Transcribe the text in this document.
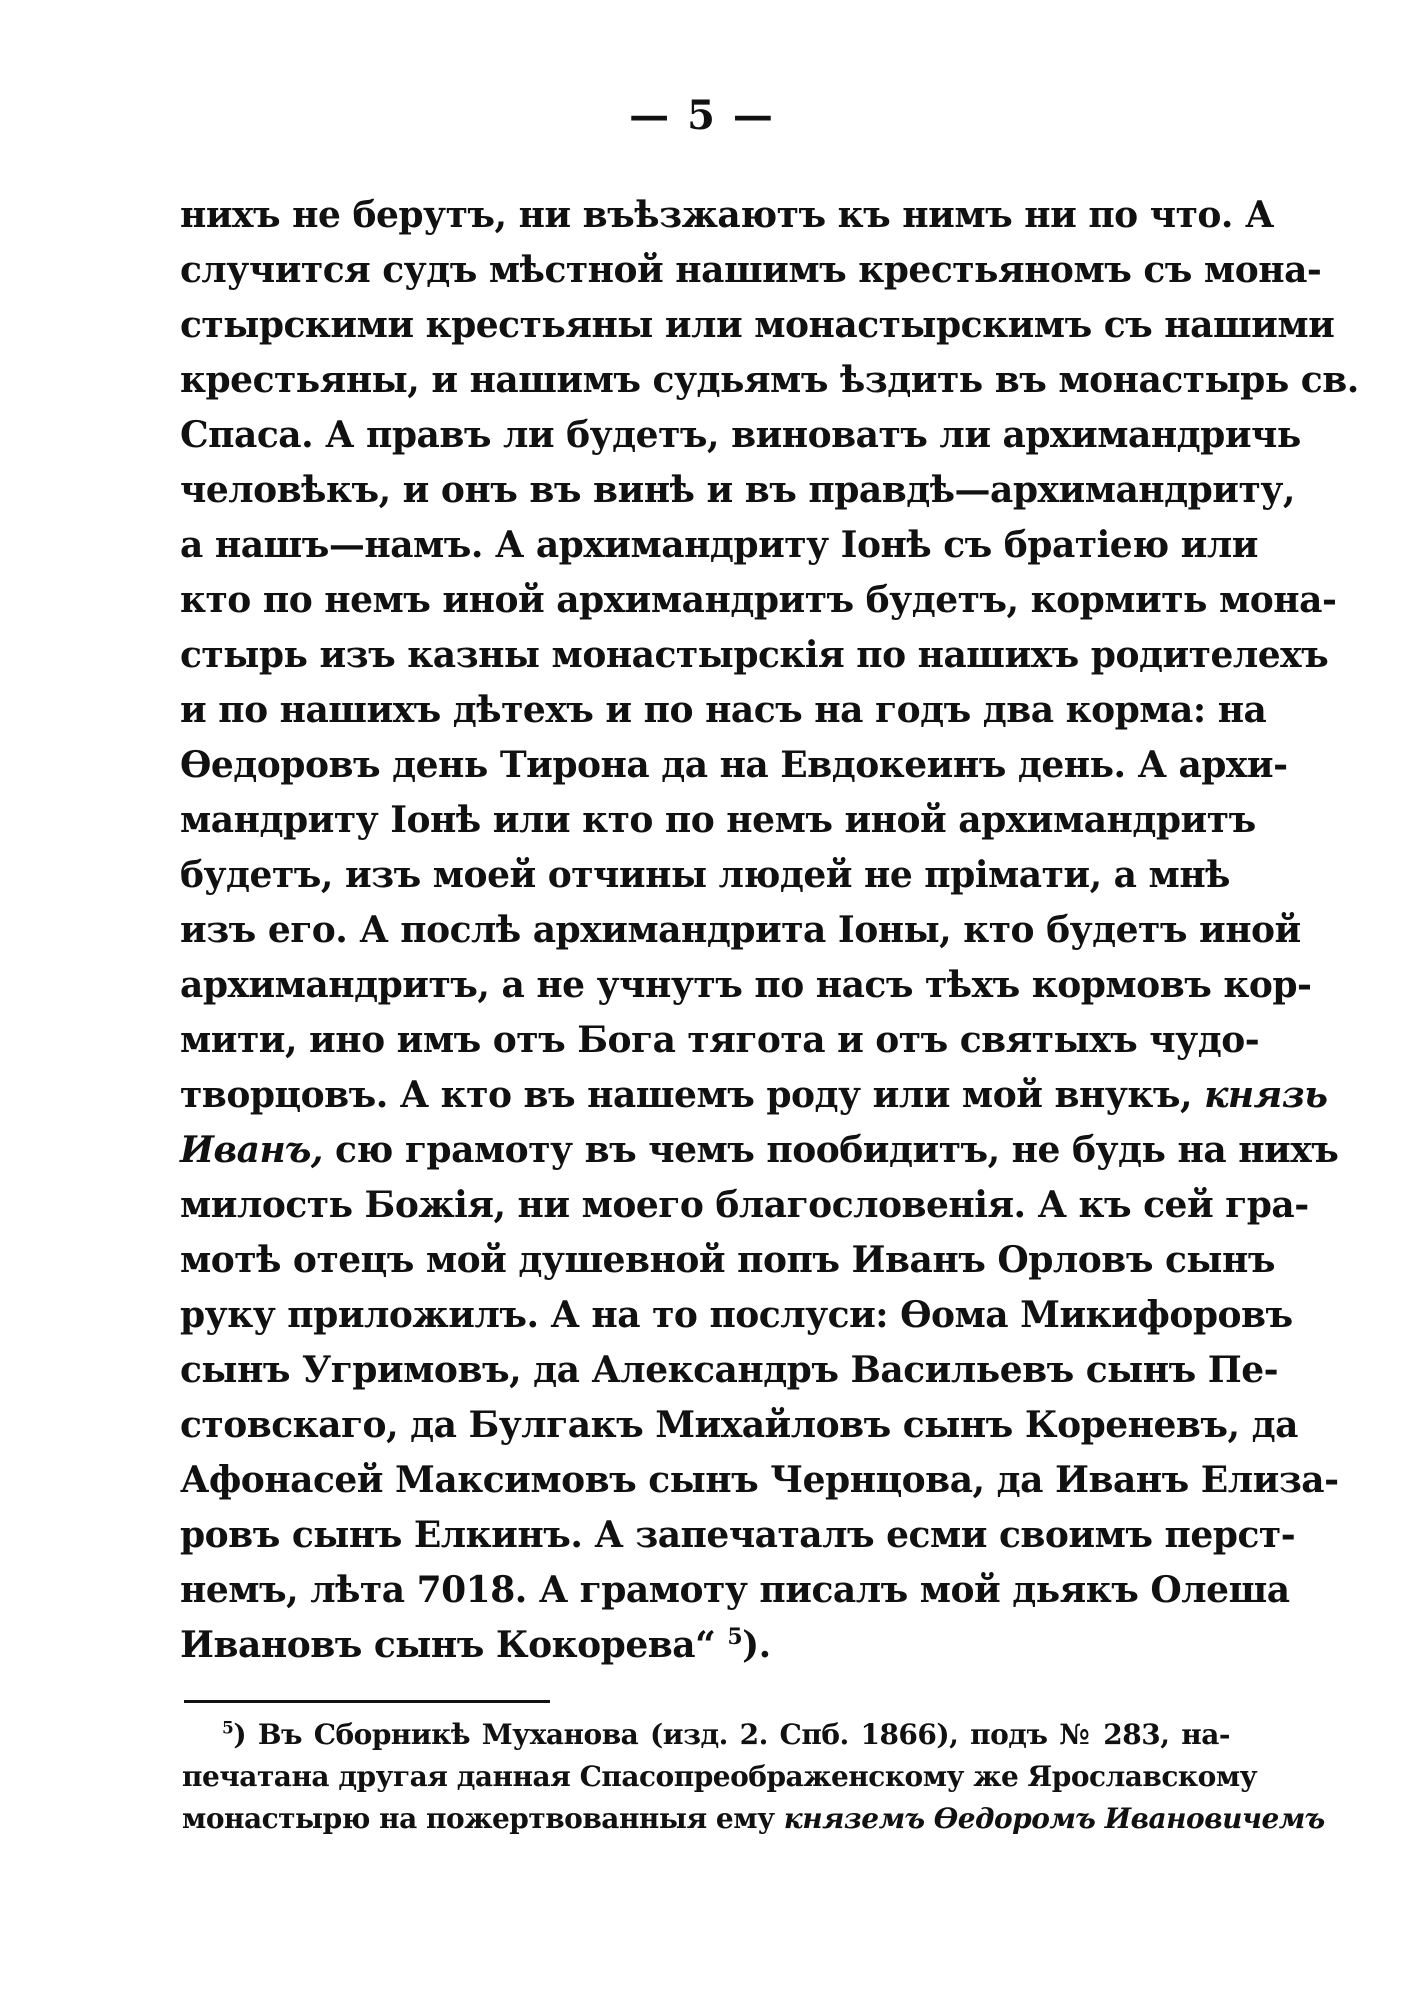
— 5 —
нихъ не берутъ, ни въѣзжаютъ къ нимъ ни по что. А
случится судъ мѣстной нашимъ крестьяномъ съ мона-
стырскими крестьяны или монастырскимъ съ нашими
крестьяны, и нашимъ судьямъ ѣздить въ монастырь св.
Спаса. А правъ ли будетъ, виноватъ ли архимандричь
человѣкъ, и онъ въ винѣ и въ правдѣ—архимандриту,
а нашъ—намъ. А архимандриту Іонѣ съ братіею или
кто по немъ иной архимандритъ будетъ, кормить мона-
стырь изъ казны монастырскія по нашихъ родителехъ
и по нашихъ дѣтехъ и по насъ на годъ два корма: на
Ѳедоровъ день Тирона да на Евдокеинъ день. А архи-
мандриту Іонѣ или кто по немъ иной архимандритъ
будетъ, изъ моей отчины людей не прімати, а мнѣ
изъ его. А послѣ архимандрита Іоны, кто будетъ иной
архимандритъ, а не учнутъ по насъ тѣхъ кормовъ кор-
мити, ино имъ отъ Бога тягота и отъ святыхъ чудо-
творцовъ. А кто въ нашемъ роду или мой внукъ, князь
Иванъ, сю грамоту въ чемъ пообидитъ, не будь на нихъ
милость Божія, ни моего благословенія. А къ сей гра-
мотѣ отецъ мой душевной попъ Иванъ Орловъ сынъ
руку приложилъ. А на то послуси: Ѳома Микифоровъ
сынъ Угримовъ, да Александръ Васильевъ сынъ Пе-
стовскаго, да Булгакъ Михайловъ сынъ Кореневъ, да
Афонасей Максимовъ сынъ Чернцова, да Иванъ Елиза-
ровъ сынъ Елкинъ. А запечаталъ есми своимъ перст-
немъ, лѣта 7018. А грамоту писалъ мой дьякъ Олеша
Ивановъ сынъ Кокорева“ $^5$).
$^5$) Въ Сборникѣ Муханова (изд. 2. Спб. 1866), подъ № 283, на-
печатана другая данная Спасопреображенскому же Ярославскому
монастырю на пожертвованныя ему княземъ Ѳедоромъ Ивановичемъ
